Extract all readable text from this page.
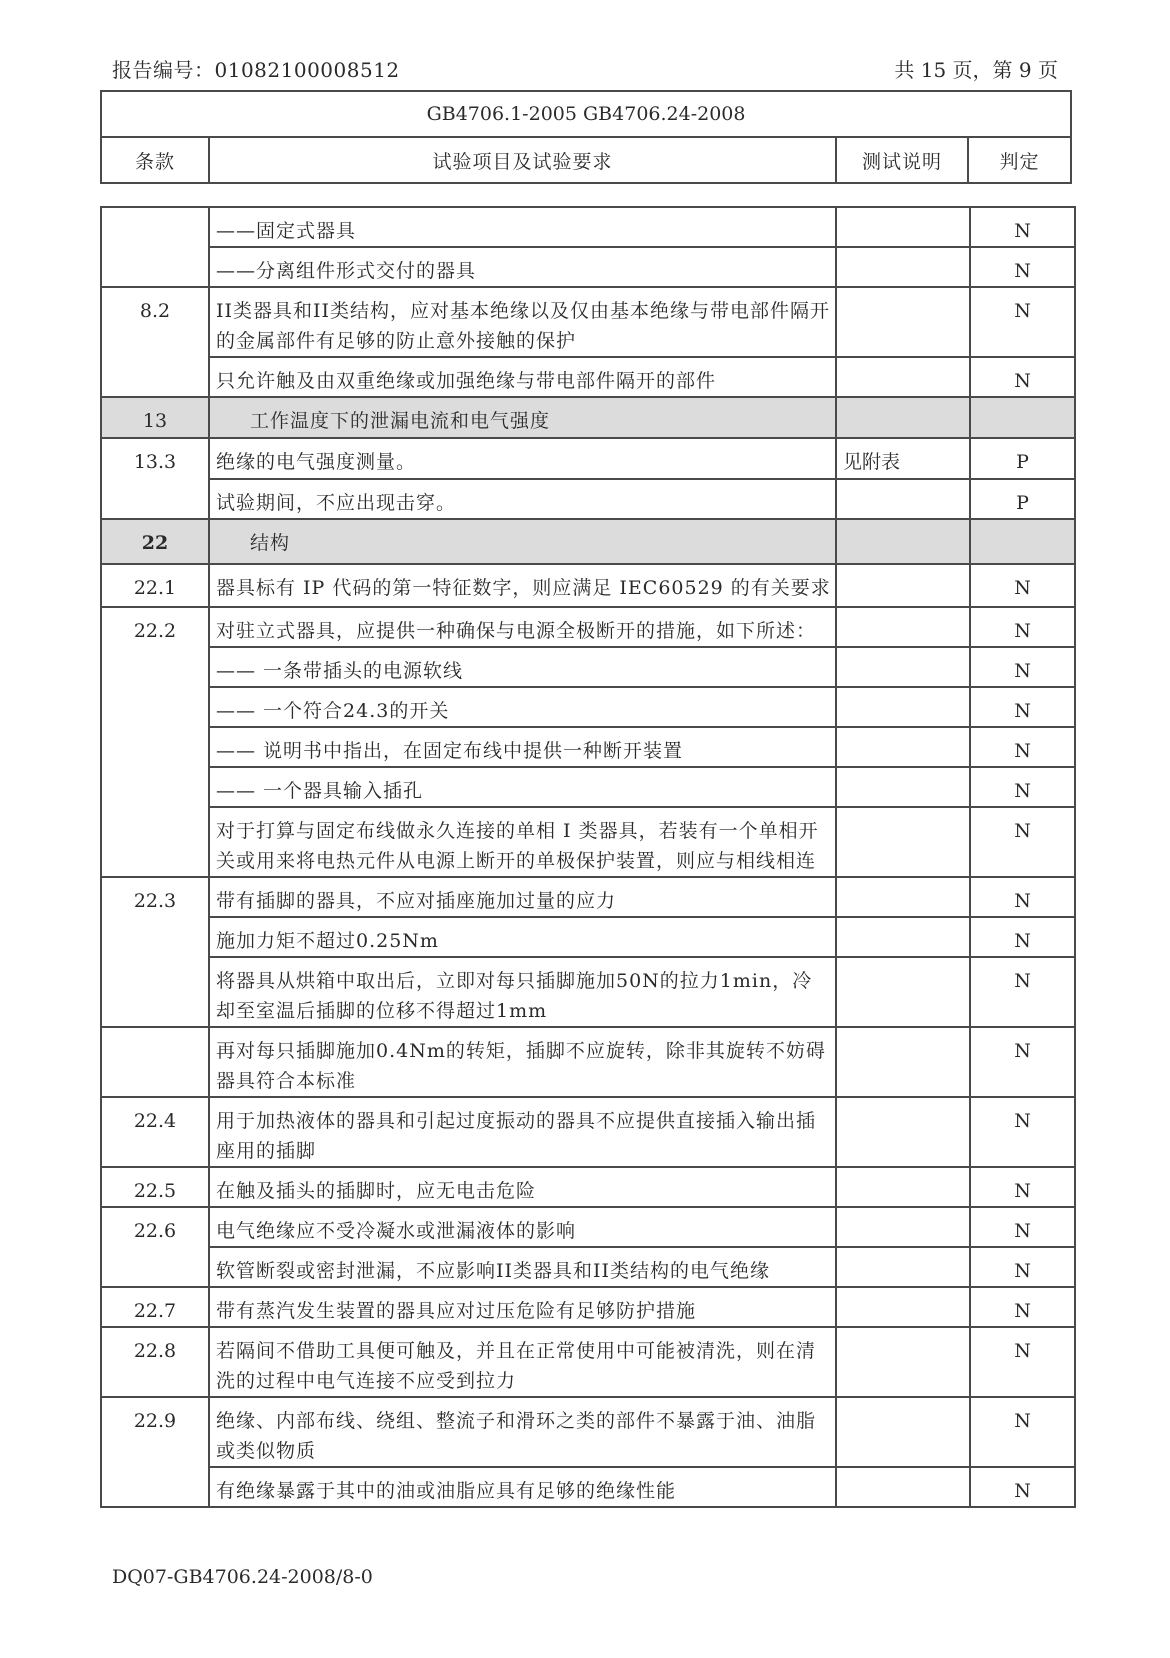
报告编号：01082100008512	共 15 页，第 9 页
GB4706.1-2005 GB4706.24-2008
条款	试验项目及试验要求	测试说明	判定
	——固定式器具		N
	——分离组件形式交付的器具		N
8.2	II类器具和II类结构，应对基本绝缘以及仅由基本绝缘与带电部件隔开的金属部件有足够的防止意外接触的保护		N
	只允许触及由双重绝缘或加强绝缘与带电部件隔开的部件		N
13	工作温度下的泄漏电流和电气强度		
13.3	绝缘的电气强度测量。	见附表	P
	试验期间，不应出现击穿。		P
22	结构		
22.1	器具标有 IP 代码的第一特征数字，则应满足 IEC60529 的有关要求		N
22.2	对驻立式器具，应提供一种确保与电源全极断开的措施，如下所述：		N
	—— 一条带插头的电源软线		N
	—— 一个符合24.3的开关		N
	—— 说明书中指出，在固定布线中提供一种断开装置		N
	—— 一个器具输入插孔		N
	对于打算与固定布线做永久连接的单相 I 类器具，若装有一个单相开关或用来将电热元件从电源上断开的单极保护装置，则应与相线相连		N
22.3	带有插脚的器具，不应对插座施加过量的应力		N
	施加力矩不超过0.25Nm		N
	将器具从烘箱中取出后，立即对每只插脚施加50N的拉力1min，冷却至室温后插脚的位移不得超过1mm		N
	再对每只插脚施加0.4Nm的转矩，插脚不应旋转，除非其旋转不妨碍器具符合本标准		N
22.4	用于加热液体的器具和引起过度振动的器具不应提供直接插入输出插座用的插脚		N
22.5	在触及插头的插脚时，应无电击危险		N
22.6	电气绝缘应不受冷凝水或泄漏液体的影响		N
	软管断裂或密封泄漏，不应影响II类器具和II类结构的电气绝缘		N
22.7	带有蒸汽发生装置的器具应对过压危险有足够防护措施		N
22.8	若隔间不借助工具便可触及，并且在正常使用中可能被清洗，则在清洗的过程中电气连接不应受到拉力		N
22.9	绝缘、内部布线、绕组、整流子和滑环之类的部件不暴露于油、油脂或类似物质		N
	有绝缘暴露于其中的油或油脂应具有足够的绝缘性能		N
DQ07-GB4706.24-2008/8-0
